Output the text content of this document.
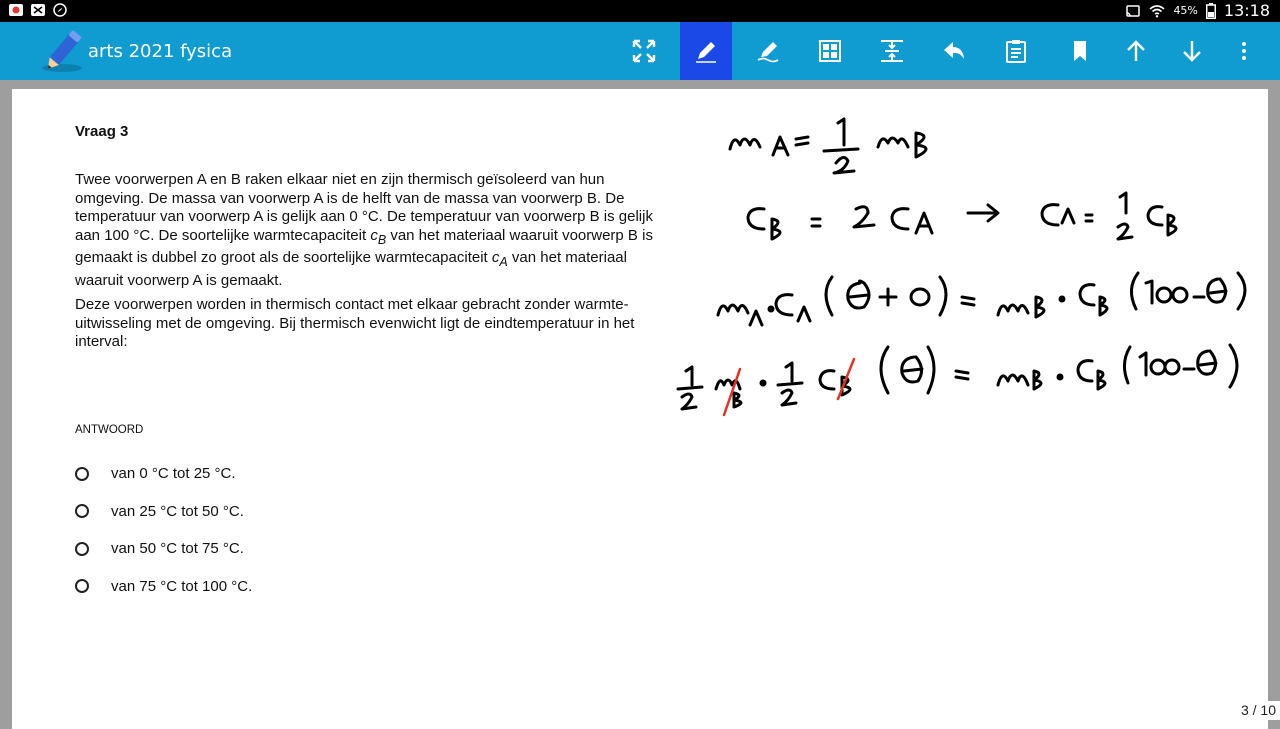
45% 13:18
arts 2021 fysica
Vraag 3

Twee voorwerpen A en B raken elkaar niet en zijn thermisch geïsoleerd van hun omgeving. De massa van voorwerp A is de helft van de massa van voorwerp B. De temperatuur van voorwerp A is gelijk aan 0 °C. De temperatuur van voorwerp B is gelijk aan 100 °C. De soortelijke warmtecapaciteit $c_B$ van het materiaal waaruit voorwerp B is gemaakt is dubbel zo groot als de soortelijke warmtecapaciteit $c_A$ van het materiaal waaruit voorwerp A is gemaakt.

Deze voorwerpen worden in thermisch contact met elkaar gebracht zonder warmte-uitwisseling met de omgeving. Bij thermisch evenwicht ligt de eindtemperatuur in het interval:

ANTWOORD
van 0 °C tot 25 °C.
van 25 °C tot 50 °C.
van 50 °C tot 75 °C.
van 75 °C tot 100 °C.
3 / 10
